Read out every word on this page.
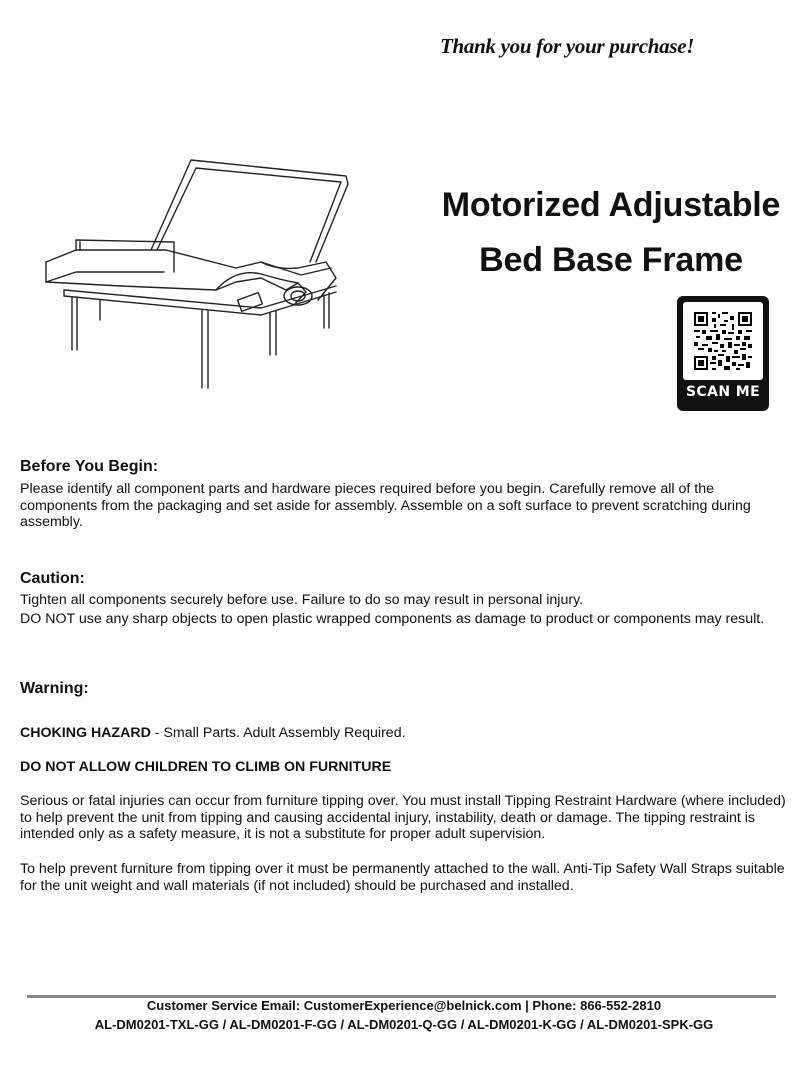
Thank you for your purchase!
Motorized Adjustable
Bed Base Frame
SCAN ME
Before You Begin:
Please identify all component parts and hardware pieces required before you begin. Carefully remove all of the components from the packaging and set aside for assembly. Assemble on a soft surface to prevent scratching during assembly.
Caution:
Tighten all components securely before use. Failure to do so may result in personal injury.
DO NOT use any sharp objects to open plastic wrapped components as damage to product or components may result.
Warning:
CHOKING HAZARD - Small Parts. Adult Assembly Required.
DO NOT ALLOW CHILDREN TO CLIMB ON FURNITURE
Serious or fatal injuries can occur from furniture tipping over. You must install Tipping Restraint Hardware (where included) to help prevent the unit from tipping and causing accidental injury, instability, death or damage. The tipping restraint is intended only as a safety measure, it is not a substitute for proper adult supervision.
To help prevent furniture from tipping over it must be permanently attached to the wall. Anti-Tip Safety Wall Straps suitable for the unit weight and wall materials (if not included) should be purchased and installed.
Customer Service Email: CustomerExperience@belnick.com | Phone: 866-552-2810
AL-DM0201-TXL-GG / AL-DM0201-F-GG / AL-DM0201-Q-GG / AL-DM0201-K-GG / AL-DM0201-SPK-GG
